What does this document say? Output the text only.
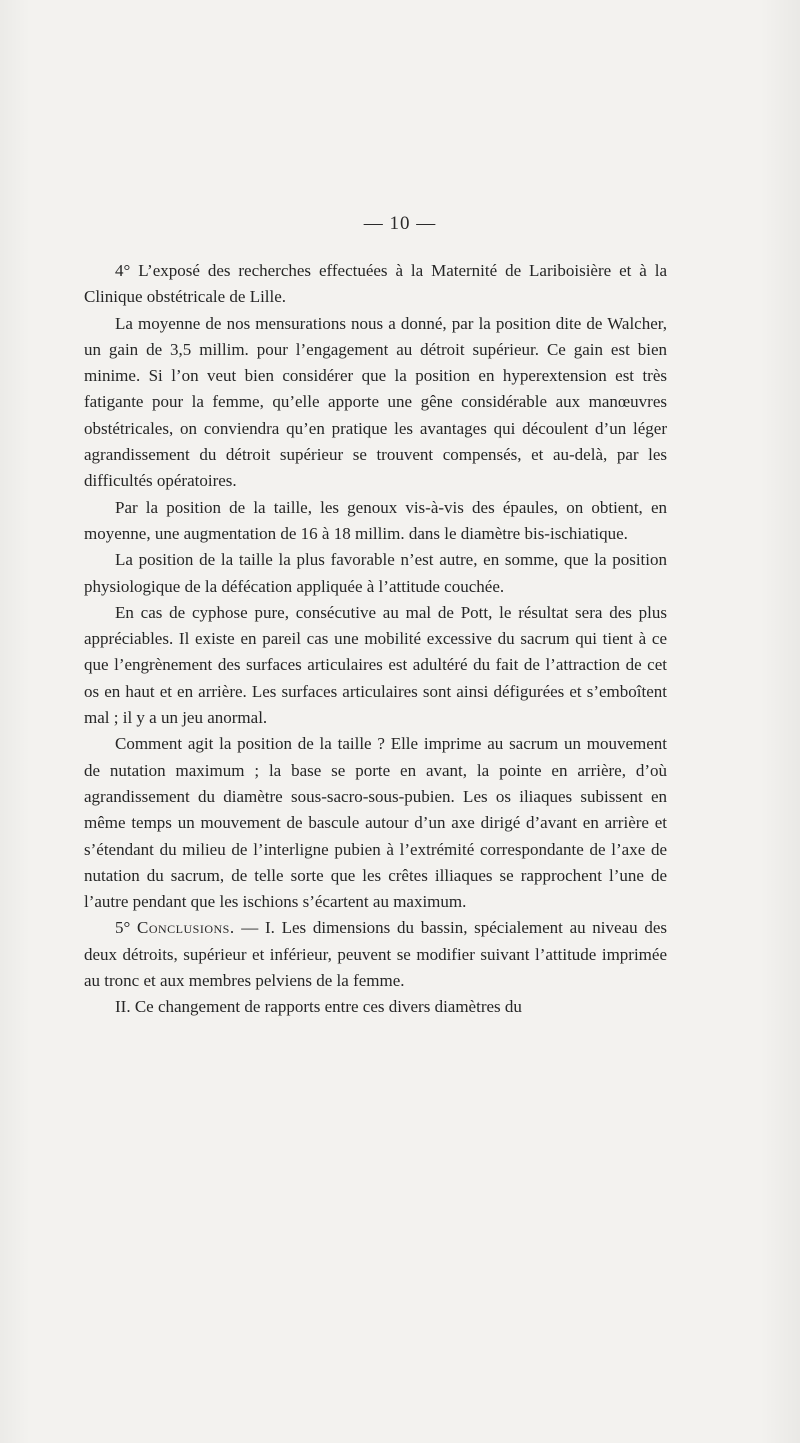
— 10 —

4° L’exposé des recherches effectuées à la Maternité de Lariboisière et à la Clinique obstétricale de Lille.

La moyenne de nos mensurations nous a donné, par la position dite de Walcher, un gain de 3,5 millim. pour l’engagement au détroit supérieur. Ce gain est bien minime. Si l’on veut bien considérer que la position en hyperextension est très fatigante pour la femme, qu’elle apporte une gêne considérable aux manœuvres obstétricales, on conviendra qu’en pratique les avantages qui découlent d’un léger agrandissement du détroit supérieur se trouvent compensés, et au-delà, par les difficultés opératoires.

Par la position de la taille, les genoux vis-à-vis des épaules, on obtient, en moyenne, une augmentation de 16 à 18 millim. dans le diamètre bis-ischiatique.

La position de la taille la plus favorable n’est autre, en somme, que la position physiologique de la défécation appliquée à l’attitude couchée.

En cas de cyphose pure, consécutive au mal de Pott, le résultat sera des plus appréciables. Il existe en pareil cas une mobilité excessive du sacrum qui tient à ce que l’engrènement des surfaces articulaires est adultéré du fait de l’attraction de cet os en haut et en arrière. Les surfaces articulaires sont ainsi défigurées et s’emboîtent mal ; il y a un jeu anormal.

Comment agit la position de la taille ? Elle imprime au sacrum un mouvement de nutation maximum ; la base se porte en avant, la pointe en arrière, d’où agrandissement du diamètre sous-sacro-sous-pubien. Les os iliaques subissent en même temps un mouvement de bascule autour d’un axe dirigé d’avant en arrière et s’étendant du milieu de l’interligne pubien à l’extrémité correspondante de l’axe de nutation du sacrum, de telle sorte que les crêtes illiaques se rapprochent l’une de l’autre pendant que les ischions s’écartent au maximum.

5° Conclusions. — I. Les dimensions du bassin, spécialement au niveau des deux détroits, supérieur et inférieur, peuvent se modifier suivant l’attitude imprimée au tronc et aux membres pelviens de la femme.

II. Ce changement de rapports entre ces divers diamètres du
